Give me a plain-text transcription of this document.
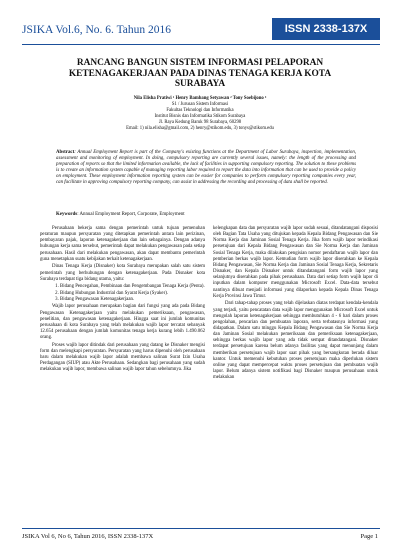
JSIKA Vol.6, No. 6. Tahun 2016	ISSN 2338-137X
RANCANG BANGUN SISTEM INFORMASI PELAPORAN KETENAGAKERJAAN PADA DINAS TENAGA KERJA KOTA SURABAYA
Nila Elisha Pratiwi ¹ Henry Bambang Setyawan ² Tony Soebijono ³
S1 / Jurusan Sistem Informasi
Fakultas Teknologi dan Informatika
Institut Bisnis dan Informatika Stikom Surabaya
Jl. Raya Kedung Baruk 98 Surabaya, 60298
Email: 1) nila.elisha@gmail.com, 2) henry@stikom.edu, 3) tonys@stikom.edu
Abstract: Annual Employment Report is part of the Company's existing functions at the Department of Labor Surabaya, inspection, implementation, assessment and monitoring of employment. In doing, compulsory reporting are currently several issues, namely: the length of the processing and preparation of reports so that the limited information available, the lack of facilities in supporting compulsory reporting. The solution to these problems is to create an information system capable of managing reporting labor required to report the data into information that can be used to provide a policy on employment. These employment information reporting system can be easier for companies to perform compulsory reporting companies every year, can facilitate in approving compulsory reporting company, can assist in addressing the recording and processing of data shall be reported.
Keywords: Annual Employment Report, Corporate, Employment

Perusahaan bekerja sama dengan pemerintah untuk tujuan pemenuhan peraturan maupun persyaratan yang ditetapkan pemerintah antara lain perizinan, pembayaran pajak, laporan ketenagakerjaan dan lain sebagainya. Dengan adanya hubungan kerja sama tersebut, pemerintah dapat melakukan pengawasan pada setiap perusahaan. Hasil dari melakukan pengawasan, akan dapat membantu pemerintah guna menetapkan suatu kebijakan terkait ketenagakerjaan.

Dinas Tenaga Kerja (Disnaker) kota Surabaya merupakan salah satu sistem pemerintah yang berhubungan dengan ketenagakerjaan. Pada Disnaker kota Surabaya terdapat tiga bidang utama, yaitu:

1. Bidang Pencegahan, Pembinaan dan Pengembangan Tenaga Kerja (Penta).
2. Bidang Hubungan Industrial dan Syarat Kerja (Syaker).
3. Bidang Pengawasan Ketenagakerjaan.

Wajib lapor perusahaan merupakan bagian dari fungsi yang ada pada Bidang Pengawasan Ketenagakerjaan yaitu melakukan pemeriksaan, pengawasan, penelitian, dan pengawasan ketenagakerjaan. Hingga saat ini jumlah komunitas perusahaan di kota Surabaya yang telah melakukan wajib lapor tercatat sebanyak 12.654 perusahaan dengan jumlah komunitas tenaga kerja kurang lebih 1.490.062 orang.

Proses wajib lapor ditindak dari perusahaan yang datang ke Disnaker mengisi form dan melengkapi persyaratan. Persyaratan yang harus dipenuhi oleh perusahaan baru dalam melakukan wajib lapor adalah membawa salinan Surat Izin Usaha Perdagangan (SIUP) atau Akte Perusahaan. Sedangkan bagi perusahaan yang sudah melakukan wajib lapor, membawa salinan wajib lapor tahun sebelumnya. Jika

kelengkapan data dan persyaratan wajib lapor sudah sesuai, ditandatangani disposisi oleh Bagian Tata Usaha yang ditujukan kepada Kepala Bidang Pengawasan dan Sie Norma Kerja dan Jaminan Sosial Tenaga Kerja. Jika form wajib lapor terindikasi persetujuan dari Kepala Bidang Pengawasan dan Sie Norma Kerja dan Jaminan Sosial Tenaga Kerja, maka dilakukan pengisian nomor pendaftaran wajib lapor dan pemberian berkas wajib lapor. Kemudian form wajib lapor diserahkan ke Kepala Bidang Pengawasan, Sie Norma Kerja dan Jaminan Sosial Tenaga Kerja, Sekretaris Disnaker, dan Kepala Disnaker untuk ditandatangani form wajib lapor yang selanjutnya diserahkan pada pihak perusahaan. Data dari setiap form wajib lapor di inputkan dalam komputer menggunakan Microsoft Excel. Data-data tersebut nantinya dibuat menjadi informasi yang dilaporkan kepada Kepala Dinas Tenaga Kerja Provinsi Jawa Timur.

Dari tahap-tahap proses yang telah dijelaskan diatas terdapat kendala-kendala yang terjadi, yaitu pencatatan data wajib lapor menggunakan Microsoft Excel untuk mengolah laporan ketenagakerjaan sehingga membutuhkan 4 - 6 hari dalam proses pengolahan, pencarian dan pembuatan laporan, serta terbatasnya informasi yang didapatkan. Dalam satu minggu Kepala Bidang Pengawasan dan Sie Norma Kerja dan Jaminan Sosial melakukan pemeriksaan dan pemeriksaan ketenagakerjaan, sehingga berkas wajib lapor yang ada tidak sempat ditandatangani. Disnaker terdapat persetujuan karena belum adanya fasilitas yang dapat menunjang dalam memberikan persetujuan wajib lapor saat pihak yang bersangkutan berada diluar kantor. Untuk memenuhi kebutuhan proses persetujuan maka diperlukan sistem online yang dapat mempercepat waktu proses persetujuan dan pembuatan wajib lapor. Belum adanya sistem notifikasi bagi Disnaker maupun perusahaan untuk melakukan

JSIKA Vol 6, No 6, Tahun 2016, ISSN 2338-137X	Page 1
